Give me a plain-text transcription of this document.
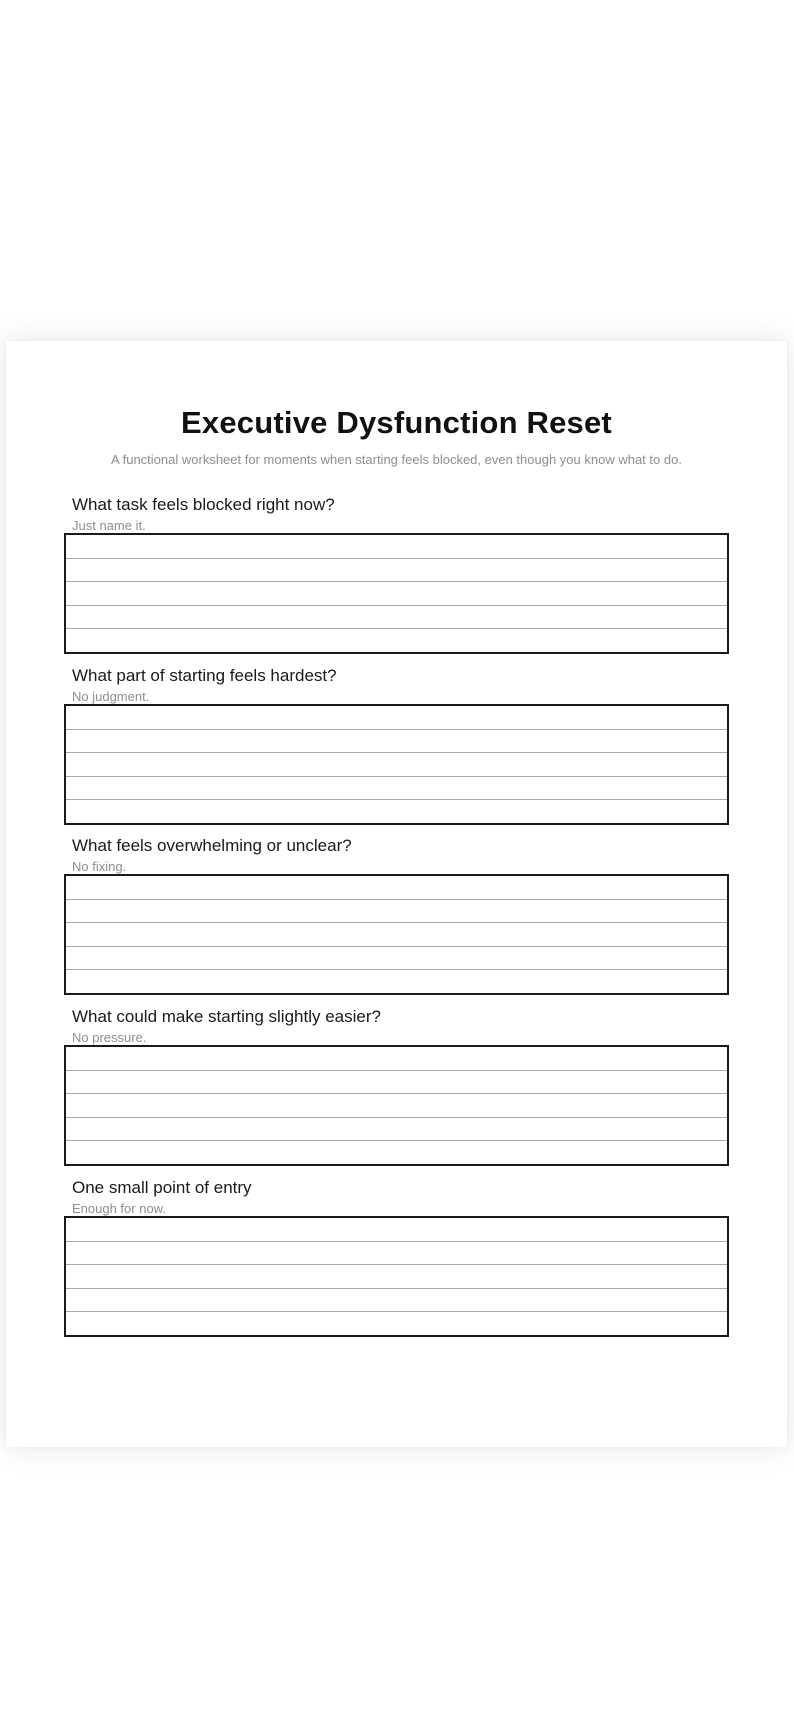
Executive Dysfunction Reset

A functional worksheet for moments when starting feels blocked, even though you know what to do.

What task feels blocked right now?
Just name it.
What part of starting feels hardest?
No judgment.
What feels overwhelming or unclear?
No fixing.
What could make starting slightly easier?
No pressure.
One small point of entry
Enough for now.
